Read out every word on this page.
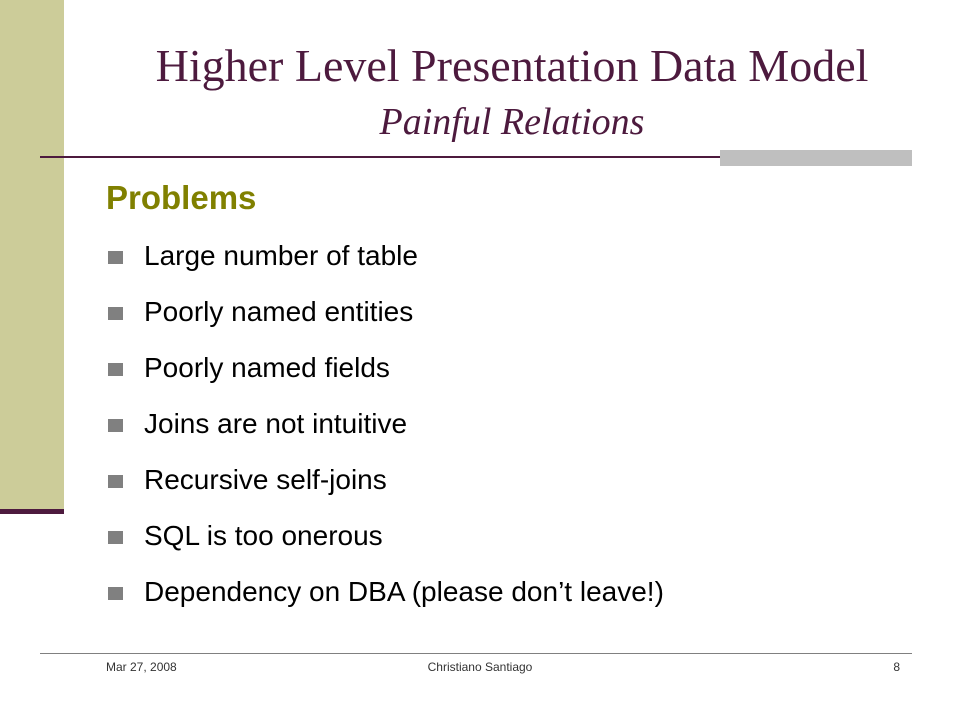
Higher Level Presentation Data Model
Painful Relations
Problems
Large number of table
Poorly named entities
Poorly named fields
Joins are not intuitive
Recursive self-joins
SQL is too onerous
Dependency on DBA (please don’t leave!)
Mar 27, 2008	Christiano Santiago	8
